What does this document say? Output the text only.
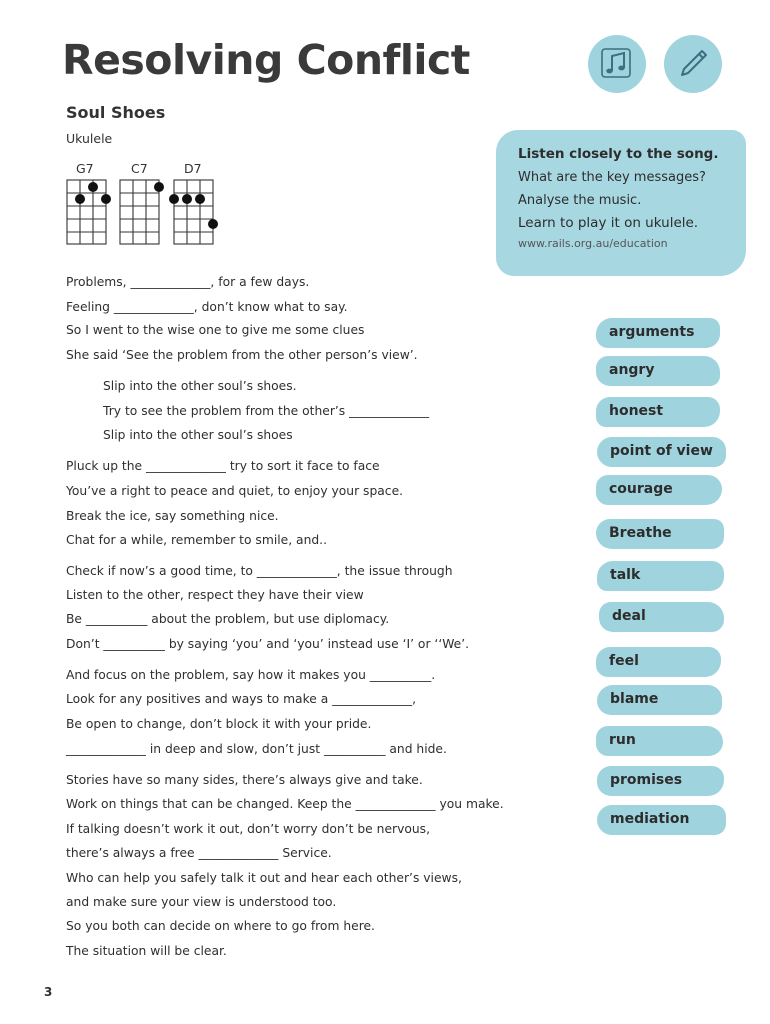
Resolving Conflict
Soul Shoes
Ukulele
G7	C7	D7
Listen closely to the song.
What are the key messages?
Analyse the music.
Learn to play it on ukulele.
www.rails.org.au/education
Problems, _____________, for a few days.
Feeling _____________, don’t know what to say.
So I went to the wise one to give me some clues
She said ‘See the problem from the other person’s view’.
Slip into the other soul’s shoes.
Try to see the problem from the other’s _____________
Slip into the other soul’s shoes
Pluck up the _____________ try to sort it face to face
You’ve a right to peace and quiet, to enjoy your space.
Break the ice, say something nice.
Chat for a while, remember to smile, and..
Check if now’s a good time, to _____________, the issue through
Listen to the other, respect they have their view
Be __________ about the problem, but use diplomacy.
Don’t __________ by saying ‘you’ and ‘you’ instead use ‘I’ or ‘‘We’.
And focus on the problem, say how it makes you __________.
Look for any positives and ways to make a _____________,
Be open to change, don’t block it with your pride.
_____________ in deep and slow, don’t just __________ and hide.
Stories have so many sides, there’s always give and take.
Work on things that can be changed. Keep the _____________ you make.
If talking doesn’t work it out, don’t worry don’t be nervous,
there’s always a free _____________ Service.
Who can help you safely talk it out and hear each other’s views,
and make sure your view is understood too.
So you both can decide on where to go from here.
The situation will be clear.
arguments
angry
honest
point of view
courage
Breathe
talk
deal
feel
blame
run
promises
mediation
3
